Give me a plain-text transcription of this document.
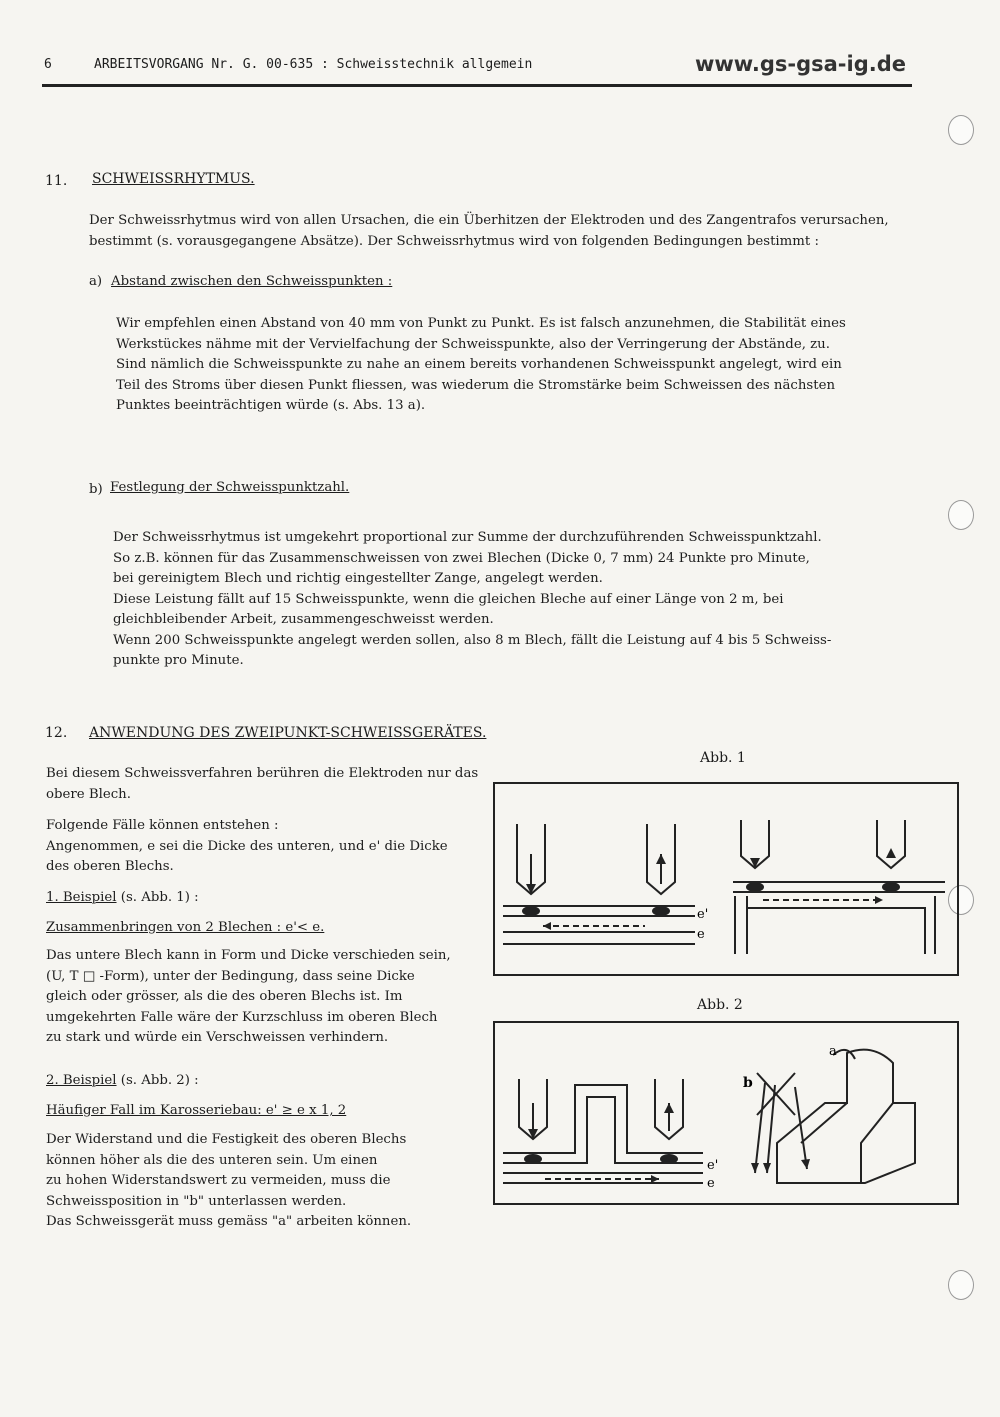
6	ARBEITSVORGANG Nr. G. 00-635 : Schweisstechnik allgemein	www.gs-gsa-ig.de
11. SCHWEISSRHYTMUS.
Der Schweissrhytmus wird von allen Ursachen, die ein Überhitzen der Elektroden und des Zangentrafos verursachen,
bestimmt (s. vorausgegangene Absätze). Der Schweissrhytmus wird von folgenden Bedingungen bestimmt :
a) Abstand zwischen den Schweisspunkten :
Wir empfehlen einen Abstand von 40 mm von Punkt zu Punkt. Es ist falsch anzunehmen, die Stabilität eines
Werkstückes nähme mit der Vervielfachung der Schweisspunkte, also der Verringerung der Abstände, zu.
Sind nämlich die Schweisspunkte zu nahe an einem bereits vorhandenen Schweisspunkt angelegt, wird ein
Teil des Stroms über diesen Punkt fliessen, was wiederum die Stromstärke beim Schweissen des nächsten
Punktes beeinträchtigen würde (s. Abs. 13 a).
b) Festlegung der Schweisspunktzahl.
Der Schweissrhytmus ist umgekehrt proportional zur Summe der durchzuführenden Schweisspunktzahl.
So z.B. können für das Zusammenschweissen von zwei Blechen (Dicke 0, 7 mm) 24 Punkte pro Minute,
bei gereinigtem Blech und richtig eingestellter Zange, angelegt werden.
Diese Leistung fällt auf 15 Schweisspunkte, wenn die gleichen Bleche auf einer Länge von 2 m, bei
gleichbleibender Arbeit, zusammengeschweisst werden.
Wenn 200 Schweisspunkte angelegt werden sollen, also 8 m Blech, fällt die Leistung auf 4 bis 5 Schweiss-
punkte pro Minute.
12. ANWENDUNG DES ZWEIPUNKT-SCHWEISSGERÄTES.
Bei diesem Schweissverfahren berühren die Elektroden nur das
obere Blech.
Folgende Fälle können entstehen :
Angenommen, e sei die Dicke des unteren, und e' die Dicke
des oberen Blechs.
1. Beispiel (s. Abb. 1) :
Zusammenbringen von 2 Blechen : e'< e.
Das untere Blech kann in Form und Dicke verschieden sein,
(U, T □ -Form), unter der Bedingung, dass seine Dicke
gleich oder grösser, als die des oberen Blechs ist. Im
umgekehrten Falle wäre der Kurzschluss im oberen Blech
zu stark und würde ein Verschweissen verhindern.
2. Beispiel (s. Abb. 2) :
Häufiger Fall im Karosseriebau: e' ≥ e x 1, 2
Der Widerstand und die Festigkeit des oberen Blechs
können höher als die des unteren sein. Um einen
zu hohen Widerstandswert zu vermeiden, muss die
Schweissposition in "b" unterlassen werden.
Das Schweissgerät muss gemäss "a" arbeiten können.
Abb. 1
e'
e
Abb. 2
e'
e
a
b
